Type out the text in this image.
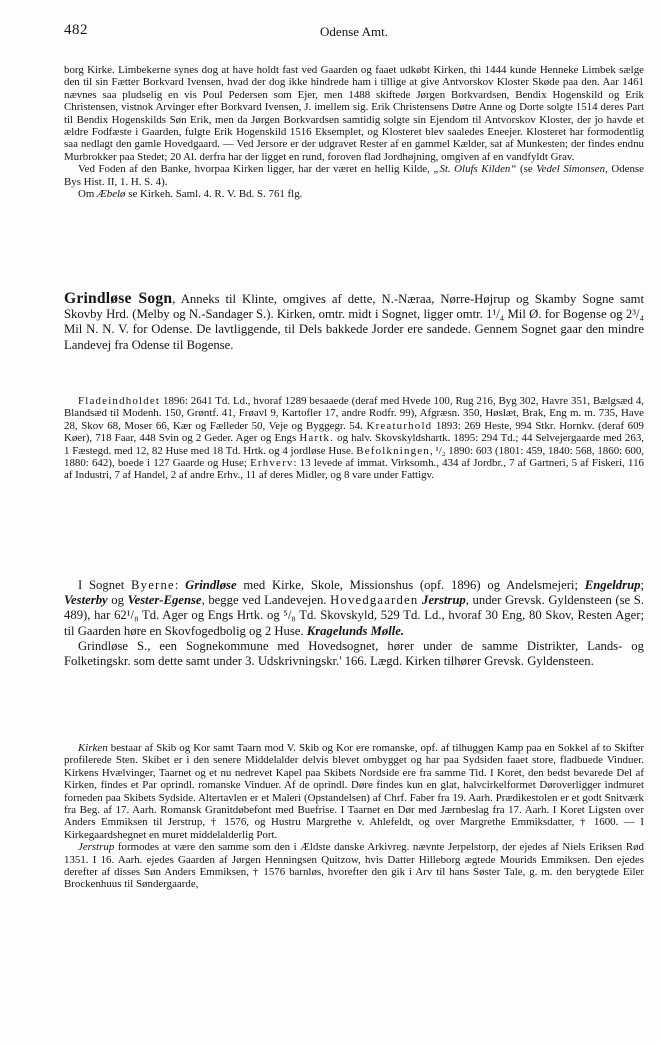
482	Odense Amt.

borg Kirke. Limbekerne synes dog at have holdt fast ved Gaarden og faaet udkøbt Kirken, thi 1444 kunde Henneke Limbek sælge den til sin Fætter Borkvard Ivensen, hvad der dog ikke hindrede ham i tillige at give Antvorskov Kloster Skøde paa den. Aar 1461 nævnes saa pludselig en vis Poul Pedersen som Ejer, men 1488 skiftede Jørgen Borkvardsen, Bendix Hogenskild og Erik Christensen, vistnok Arvinger efter Borkvard Ivensen, J. imellem sig. Erik Christensens Døtre Anne og Dorte solgte 1514 deres Part til Bendix Hogenskilds Søn Erik, men da Jørgen Borkvardsen samtidig solgte sin Ejendom til Antvorskov Kloster, der jo havde et ældre Fodfæste i Gaarden, fulgte Erik Hogenskild 1516 Eksemplet, og Klosteret blev saaledes Eneejer. Klosteret har formodentlig saa nedlagt den gamle Hovedgaard. — Ved Jersore er der udgravet Rester af en gammel Kælder, sat af Munkesten; der findes endnu Murbrokker paa Stedet; 20 Al. derfra har der ligget en rund, foroven flad Jordhøjning, omgiven af en vandfyldt Grav.

Ved Foden af den Banke, hvorpaa Kirken ligger, har der været en hellig Kilde, „St. Olufs Kilden“ (se Vedel Simonsen, Odense Bys Hist. II, 1. H. S. 4).

Om Æbelø se Kirkeh. Saml. 4. R. V. Bd. S. 761 flg.

Grindløse Sogn, Anneks til Klinte, omgives af dette, N.-Næraa, Nørre-Højrup og Skamby Sogne samt Skovby Hrd. (Melby og N.-Sandager S.). Kirken, omtr. midt i Sognet, ligger omtr. 1¹/₄ Mil Ø. for Bogense og 2³/₄ Mil N. N. V. for Odense. De lavtliggende, til Dels bakkede Jorder ere sandede. Gennem Sognet gaar den mindre Landevej fra Odense til Bogense.

Fladeindholdet 1896: 2641 Td. Ld., hvoraf 1289 besaaede (deraf med Hvede 100, Rug 216, Byg 302, Havre 351, Bælgsæd 4, Blandsæd til Modenh. 150, Grøntf. 41, Frøavl 9, Kartofler 17, andre Rodfr. 99), Afgræsn. 350, Høslæt, Brak, Eng m. m. 735, Have 28, Skov 68, Moser 66, Kær og Fælleder 50, Veje og Byggegr. 54. Kreaturhold 1893: 269 Heste, 994 Stkr. Hornkv. (deraf 609 Køer), 718 Faar, 448 Svin og 2 Geder. Ager og Engs Hartk. og halv. Skovskyldshartk. 1895: 294 Td.; 44 Selvejergaarde med 263, 1 Fæstegd. med 12, 82 Huse med 18 Td. Hrtk. og 4 jordløse Huse. Befolkningen, ¹/₂ 1890: 603 (1801: 459, 1840: 568, 1860: 600, 1880: 642), boede i 127 Gaarde og Huse; Erhverv: 13 levede af immat. Virksomh., 434 af Jordbr., 7 af Gartneri, 5 af Fiskeri, 116 af Industri, 7 af Handel, 2 af andre Erhv., 11 af deres Midler, og 8 vare under Fattigv.

I Sognet Byerne: Grindløse med Kirke, Skole, Missionshus (opf. 1896) og Andelsmejeri; Engeldrup; Vesterby og Vester-Egense, begge ved Landevejen. Hovedgaarden Jerstrup, under Grevsk. Gyldensteen (se S. 489), har 62¹/₈ Td. Ager og Engs Hrtk. og ⁵/₈ Td. Skovskyld, 529 Td. Ld., hvoraf 30 Eng, 80 Skov, Resten Ager; til Gaarden høre en Skovfogedbolig og 2 Huse. Kragelunds Mølle.

Grindløse S., een Sognekommune med Hovedsognet, hører under de samme Distrikter, Lands- og Folketingskr. som dette samt under 3. Udskrivningskr.' 166. Lægd. Kirken tilhører Grevsk. Gyldensteen.

Kirken bestaar af Skib og Kor samt Taarn mod V. Skib og Kor ere romanske, opf. af tilhuggen Kamp paa en Sokkel af to Skifter profilerede Sten. Skibet er i den senere Middelalder delvis blevet ombygget og har paa Sydsiden faaet store, fladbuede Vinduer. Kirkens Hvælvinger, Taarnet og et nu nedrevet Kapel paa Skibets Nordside ere fra samme Tid. I Koret, den bedst bevarede Del af Kirken, findes et Par oprindl. romanske Vinduer. Af de oprindl. Døre findes kun en glat, halvcirkelformet Døroverligger indmuret forneden paa Skibets Sydside. Altertavlen er et Maleri (Opstandelsen) af Chrf. Faber fra 19. Aarh. Prædikestolen er et godt Snitværk fra Beg. af 17. Aarh. Romansk Granitdøbefont med Buefrise. I Taarnet en Dør med Jærnbeslag fra 17. Aarh. I Koret Ligsten over Anders Emmiksen til Jerstrup, † 1576, og Hustru Margrethe v. Ahlefeldt, og over Margrethe Emmiksdatter, † 1600. — I Kirkegaardshegnet en muret middelalderlig Port.

Jerstrup formodes at være den samme som den i Ældste danske Arkivreg. nævnte Jerpelstorp, der ejedes af Niels Eriksen Rød 1351. I 16. Aarh. ejedes Gaarden af Jørgen Henningsen Quitzow, hvis Datter Hilleborg ægtede Mourids Emmiksen. Den ejedes derefter af disses Søn Anders Emmiksen, † 1576 barnløs, hvorefter den gik i Arv til hans Søster Tale, g. m. den berygtede Eiler Brockenhuus til Søndergaarde,
